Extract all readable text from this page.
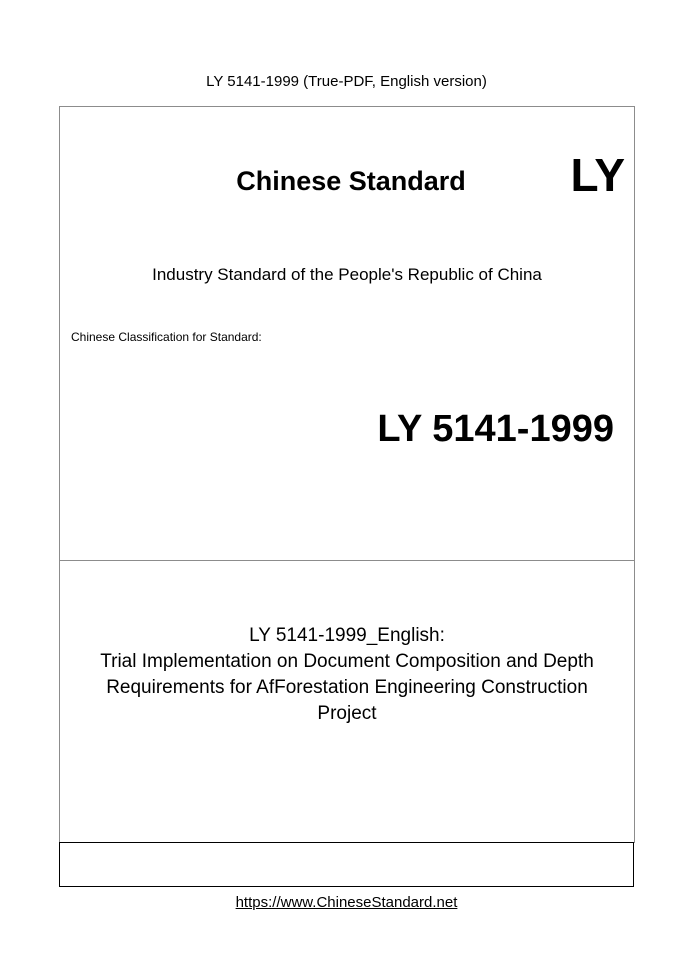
LY 5141-1999 (True-PDF, English version)
Chinese Standard	LY
Industry Standard of the People's Republic of China
Chinese Classification for Standard:
LY 5141-1999
LY 5141-1999_English:
Trial Implementation on Document Composition and Depth
Requirements for AfForestation Engineering Construction
Project
https://www.ChineseStandard.net
